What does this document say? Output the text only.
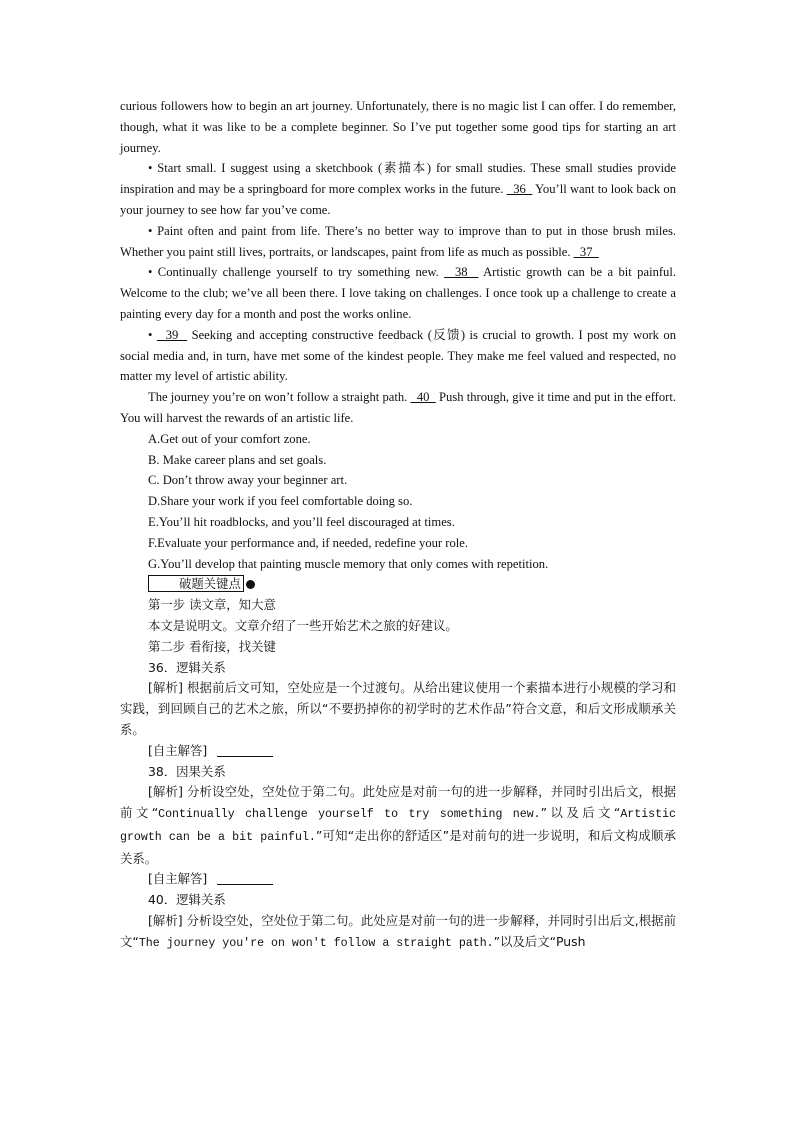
curious followers how to begin an art journey. Unfortunately, there is no magic list I can offer. I do remember, though, what it was like to be a complete beginner. So I’ve put together some good tips for starting an art journey.

• Start small. I suggest using a sketchbook (素描本) for small studies. These small studies provide inspiration and may be a springboard for more complex works in the future.   36   You’ll want to look back on your journey to see how far you’ve come.

• Paint often and paint from life. There’s no better way to improve than to put in those brush miles. Whether you paint still lives, portraits, or landscapes, paint from life as much as possible.   37

• Continually challenge yourself to try something new.   38   Artistic growth can be a bit painful. Welcome to the club; we’ve all been there. I love taking on challenges. I once took up a challenge to create a painting every day for a month and post the works online.

•   39   Seeking and accepting constructive feedback (反馈) is crucial to growth. I post my work on social media and, in turn, have met some of the kindest people. They make me feel valued and respected, no matter my level of artistic ability.

The journey you’re on won’t follow a straight path.   40   Push through, give it time and put in the effort. You will harvest the rewards of an artistic life.

A.Get out of your comfort zone.

B. Make career plans and set goals.

C. Don’t throw away your beginner art.

D.Share your work if you feel comfortable doing so.

E.You’ll hit roadblocks, and you’ll feel discouraged at times.

F.Evaluate your performance and, if needed, redefine your role.

G.You’ll develop that painting muscle memory that only comes with repetition.

破题关键点

第一步 读文章，知大意

本文是说明文。文章介绍了一些开始艺术之旅的好建议。

第二步 看衔接，找关键

36．逻辑关系

[解析] 根据前后文可知，空处应是一个过渡句。从给出建议使用一个素描本进行小规模的学习和实践，到回顾自己的艺术之旅，所以“不要扔掉你的初学时的艺术作品”符合文意，和后文形成顺承关系。

[自主解答]

38．因果关系

[解析] 分析设空处，空处位于第二句。此处应是对前一句的进一步解释，并同时引出后文，根据前文“Continually challenge yourself to try something new.”以及后文“Artistic growth can be a bit painful.”可知“走出你的舒适区”是对前句的进一步说明，和后文构成顺承关系。

[自主解答]

40．逻辑关系

[解析] 分析设空处，空处位于第二句。此处应是对前一句的进一步解释，并同时引出后文,根据前文“The journey you're on won't follow a straight path.”以及后文“Push
